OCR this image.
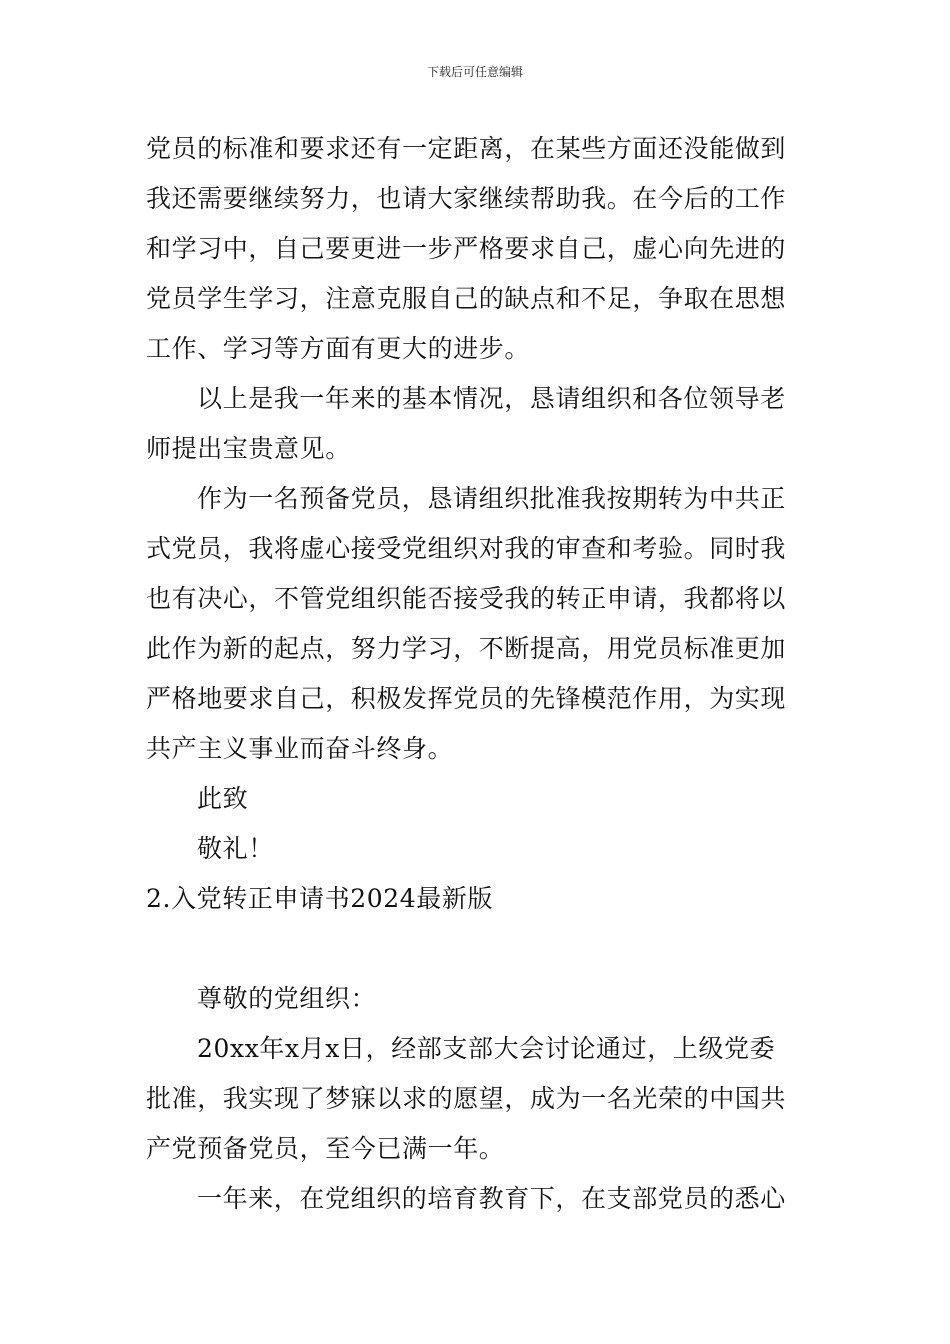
下载后可任意编辑
党员的标准和要求还有一定距离，在某些方面还没能做到
我还需要继续努力，也请大家继续帮助我。在今后的工作
和学习中，自己要更进一步严格要求自己，虚心向先进的
党员学生学习，注意克服自己的缺点和不足，争取在思想
工作、学习等方面有更大的进步。
以上是我一年来的基本情况，恳请组织和各位领导老
师提出宝贵意见。
作为一名预备党员，恳请组织批准我按期转为中共正
式党员，我将虚心接受党组织对我的审查和考验。同时我
也有决心，不管党组织能否接受我的转正申请，我都将以
此作为新的起点，努力学习，不断提高，用党员标准更加
严格地要求自己，积极发挥党员的先锋模范作用，为实现
共产主义事业而奋斗终身。
此致
敬礼！
2.入党转正申请书2024最新版
尊敬的党组织：
20xx年x月x日，经部支部大会讨论通过，上级党委
批准，我实现了梦寐以求的愿望，成为一名光荣的中国共
产党预备党员，至今已满一年。
一年来，在党组织的培育教育下，在支部党员的悉心
